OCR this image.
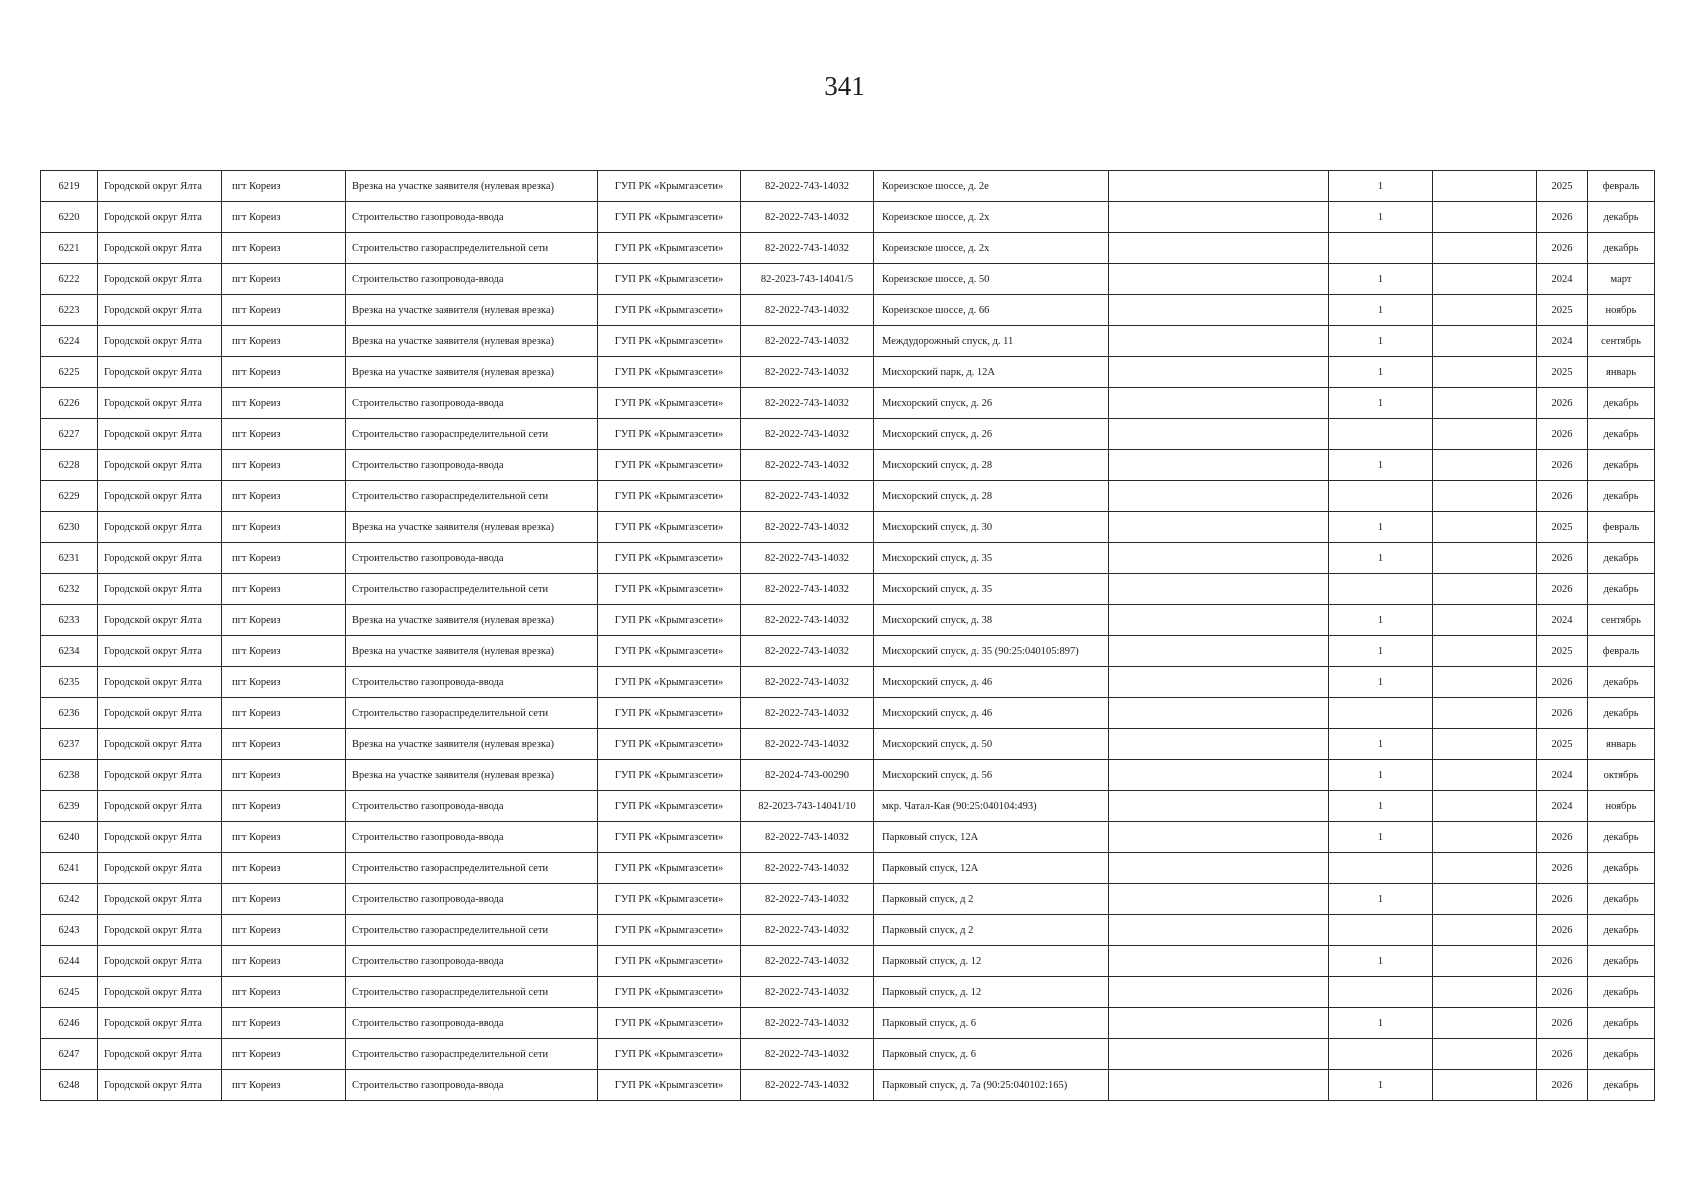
341
6219	Городской округ Ялта	пгт Кореиз	Врезка на участке заявителя (нулевая врезка)	ГУП РК «Крымгазсети»	82-2022-743-14032	Кореизское шоссе, д. 2е		1		2025	февраль
6220	Городской округ Ялта	пгт Кореиз	Строительство газопровода-ввода	ГУП РК «Крымгазсети»	82-2022-743-14032	Кореизское шоссе, д. 2х		1		2026	декабрь
6221	Городской округ Ялта	пгт Кореиз	Строительство газораспределительной сети	ГУП РК «Крымгазсети»	82-2022-743-14032	Кореизское шоссе, д. 2х				2026	декабрь
6222	Городской округ Ялта	пгт Кореиз	Строительство газопровода-ввода	ГУП РК «Крымгазсети»	82-2023-743-14041/5	Кореизское шоссе, д. 50		1		2024	март
6223	Городской округ Ялта	пгт Кореиз	Врезка на участке заявителя (нулевая врезка)	ГУП РК «Крымгазсети»	82-2022-743-14032	Кореизское шоссе, д. 66		1		2025	ноябрь
6224	Городской округ Ялта	пгт Кореиз	Врезка на участке заявителя (нулевая врезка)	ГУП РК «Крымгазсети»	82-2022-743-14032	Междудорожный спуск, д. 11		1		2024	сентябрь
6225	Городской округ Ялта	пгт Кореиз	Врезка на участке заявителя (нулевая врезка)	ГУП РК «Крымгазсети»	82-2022-743-14032	Мисхорский парк, д. 12А		1		2025	январь
6226	Городской округ Ялта	пгт Кореиз	Строительство газопровода-ввода	ГУП РК «Крымгазсети»	82-2022-743-14032	Мисхорский спуск, д. 26		1		2026	декабрь
6227	Городской округ Ялта	пгт Кореиз	Строительство газораспределительной сети	ГУП РК «Крымгазсети»	82-2022-743-14032	Мисхорский спуск, д. 26				2026	декабрь
6228	Городской округ Ялта	пгт Кореиз	Строительство газопровода-ввода	ГУП РК «Крымгазсети»	82-2022-743-14032	Мисхорский спуск, д. 28		1		2026	декабрь
6229	Городской округ Ялта	пгт Кореиз	Строительство газораспределительной сети	ГУП РК «Крымгазсети»	82-2022-743-14032	Мисхорский спуск, д. 28				2026	декабрь
6230	Городской округ Ялта	пгт Кореиз	Врезка на участке заявителя (нулевая врезка)	ГУП РК «Крымгазсети»	82-2022-743-14032	Мисхорский спуск, д. 30		1		2025	февраль
6231	Городской округ Ялта	пгт Кореиз	Строительство газопровода-ввода	ГУП РК «Крымгазсети»	82-2022-743-14032	Мисхорский спуск, д. 35		1		2026	декабрь
6232	Городской округ Ялта	пгт Кореиз	Строительство газораспределительной сети	ГУП РК «Крымгазсети»	82-2022-743-14032	Мисхорский спуск, д. 35				2026	декабрь
6233	Городской округ Ялта	пгт Кореиз	Врезка на участке заявителя (нулевая врезка)	ГУП РК «Крымгазсети»	82-2022-743-14032	Мисхорский спуск, д. 38		1		2024	сентябрь
6234	Городской округ Ялта	пгт Кореиз	Врезка на участке заявителя (нулевая врезка)	ГУП РК «Крымгазсети»	82-2022-743-14032	Мисхорский спуск, д. 35 (90:25:040105:897)		1		2025	февраль
6235	Городской округ Ялта	пгт Кореиз	Строительство газопровода-ввода	ГУП РК «Крымгазсети»	82-2022-743-14032	Мисхорский спуск, д. 46		1		2026	декабрь
6236	Городской округ Ялта	пгт Кореиз	Строительство газораспределительной сети	ГУП РК «Крымгазсети»	82-2022-743-14032	Мисхорский спуск, д. 46				2026	декабрь
6237	Городской округ Ялта	пгт Кореиз	Врезка на участке заявителя (нулевая врезка)	ГУП РК «Крымгазсети»	82-2022-743-14032	Мисхорский спуск, д. 50		1		2025	январь
6238	Городской округ Ялта	пгт Кореиз	Врезка на участке заявителя (нулевая врезка)	ГУП РК «Крымгазсети»	82-2024-743-00290	Мисхорский спуск, д. 56		1		2024	октябрь
6239	Городской округ Ялта	пгт Кореиз	Строительство газопровода-ввода	ГУП РК «Крымгазсети»	82-2023-743-14041/10	мкр. Чатал-Кая (90:25:040104:493)		1		2024	ноябрь
6240	Городской округ Ялта	пгт Кореиз	Строительство газопровода-ввода	ГУП РК «Крымгазсети»	82-2022-743-14032	Парковый спуск, 12А		1		2026	декабрь
6241	Городской округ Ялта	пгт Кореиз	Строительство газораспределительной сети	ГУП РК «Крымгазсети»	82-2022-743-14032	Парковый спуск, 12А				2026	декабрь
6242	Городской округ Ялта	пгт Кореиз	Строительство газопровода-ввода	ГУП РК «Крымгазсети»	82-2022-743-14032	Парковый спуск, д 2		1		2026	декабрь
6243	Городской округ Ялта	пгт Кореиз	Строительство газораспределительной сети	ГУП РК «Крымгазсети»	82-2022-743-14032	Парковый спуск, д 2				2026	декабрь
6244	Городской округ Ялта	пгт Кореиз	Строительство газопровода-ввода	ГУП РК «Крымгазсети»	82-2022-743-14032	Парковый спуск, д. 12		1		2026	декабрь
6245	Городской округ Ялта	пгт Кореиз	Строительство газораспределительной сети	ГУП РК «Крымгазсети»	82-2022-743-14032	Парковый спуск, д. 12				2026	декабрь
6246	Городской округ Ялта	пгт Кореиз	Строительство газопровода-ввода	ГУП РК «Крымгазсети»	82-2022-743-14032	Парковый спуск, д. 6		1		2026	декабрь
6247	Городской округ Ялта	пгт Кореиз	Строительство газораспределительной сети	ГУП РК «Крымгазсети»	82-2022-743-14032	Парковый спуск, д. 6				2026	декабрь
6248	Городской округ Ялта	пгт Кореиз	Строительство газопровода-ввода	ГУП РК «Крымгазсети»	82-2022-743-14032	Парковый спуск, д. 7а (90:25:040102:165)		1		2026	декабрь
